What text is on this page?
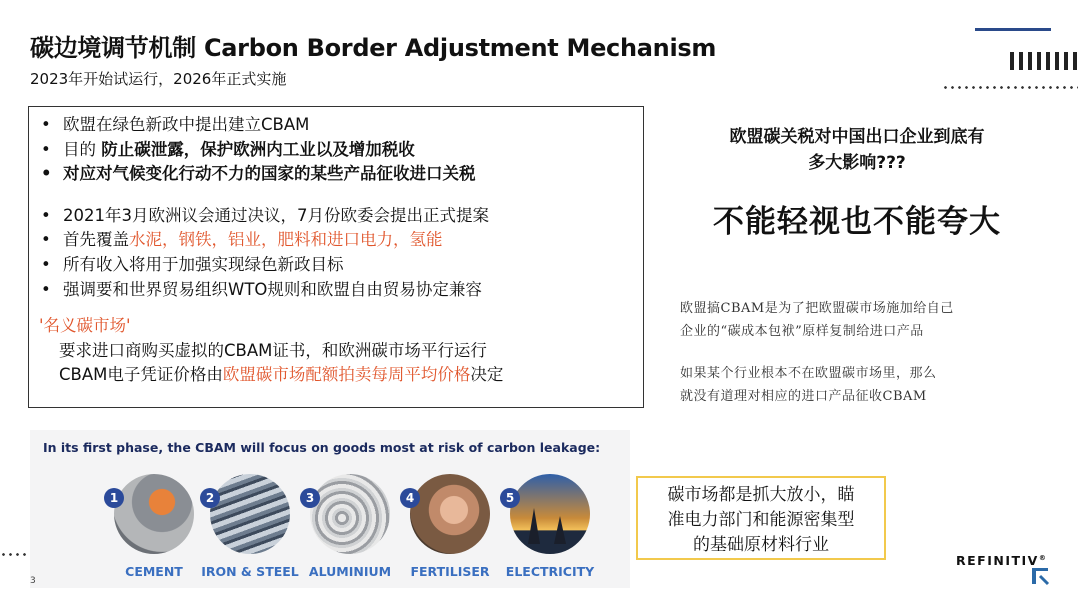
碳边境调节机制 Carbon Border Adjustment Mechanism
2023年开始试运行，2026年正式实施
• 欧盟在绿色新政中提出建立CBAM
• 目的 防止碳泄露，保护欧洲内工业以及增加税收
• 对应对气候变化行动不力的国家的某些产品征收进口关税
• 2021年3月欧洲议会通过决议，7月份欧委会提出正式提案
• 首先覆盖水泥，钢铁，铝业，肥料和进口电力，氢能
• 所有收入将用于加强实现绿色新政目标
• 强调要和世界贸易组织WTO规则和欧盟自由贸易协定兼容
'名义碳市场'
要求进口商购买虚拟的CBAM证书，和欧洲碳市场平行运行
CBAM电子凭证价格由欧盟碳市场配额拍卖每周平均价格决定
欧盟碳关税对中国出口企业到底有
多大影响???
不能轻视也不能夸大
欧盟搞CBAM是为了把欧盟碳市场施加给自己
企业的“碳成本包袱”原样复制给进口产品
如果某个行业根本不在欧盟碳市场里，那么
就没有道理对相应的进口产品征收CBAM
In its first phase, the CBAM will focus on goods most at risk of carbon leakage:
1
CEMENT
2
IRON & STEEL
3
ALUMINIUM
4
FERTILISER
5
ELECTRICITY
碳市场都是抓大放小，瞄
准电力部门和能源密集型
的基础原材料行业
REFINITIV®
3
